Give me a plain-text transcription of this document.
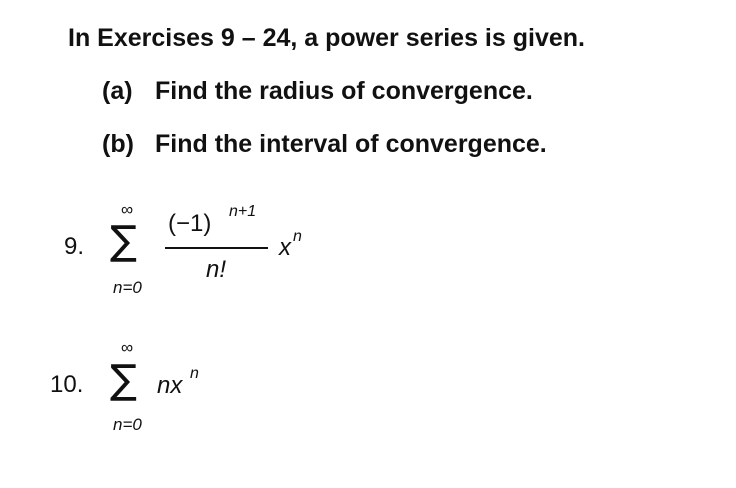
In Exercises 9 – 24, a power series is given.
(a) Find the radius of convergence.
(b) Find the interval of convergence.
9.
∞
∑
n=0
(−1) n+1
n!
x n
10.
∞
∑
n=0
nx n
